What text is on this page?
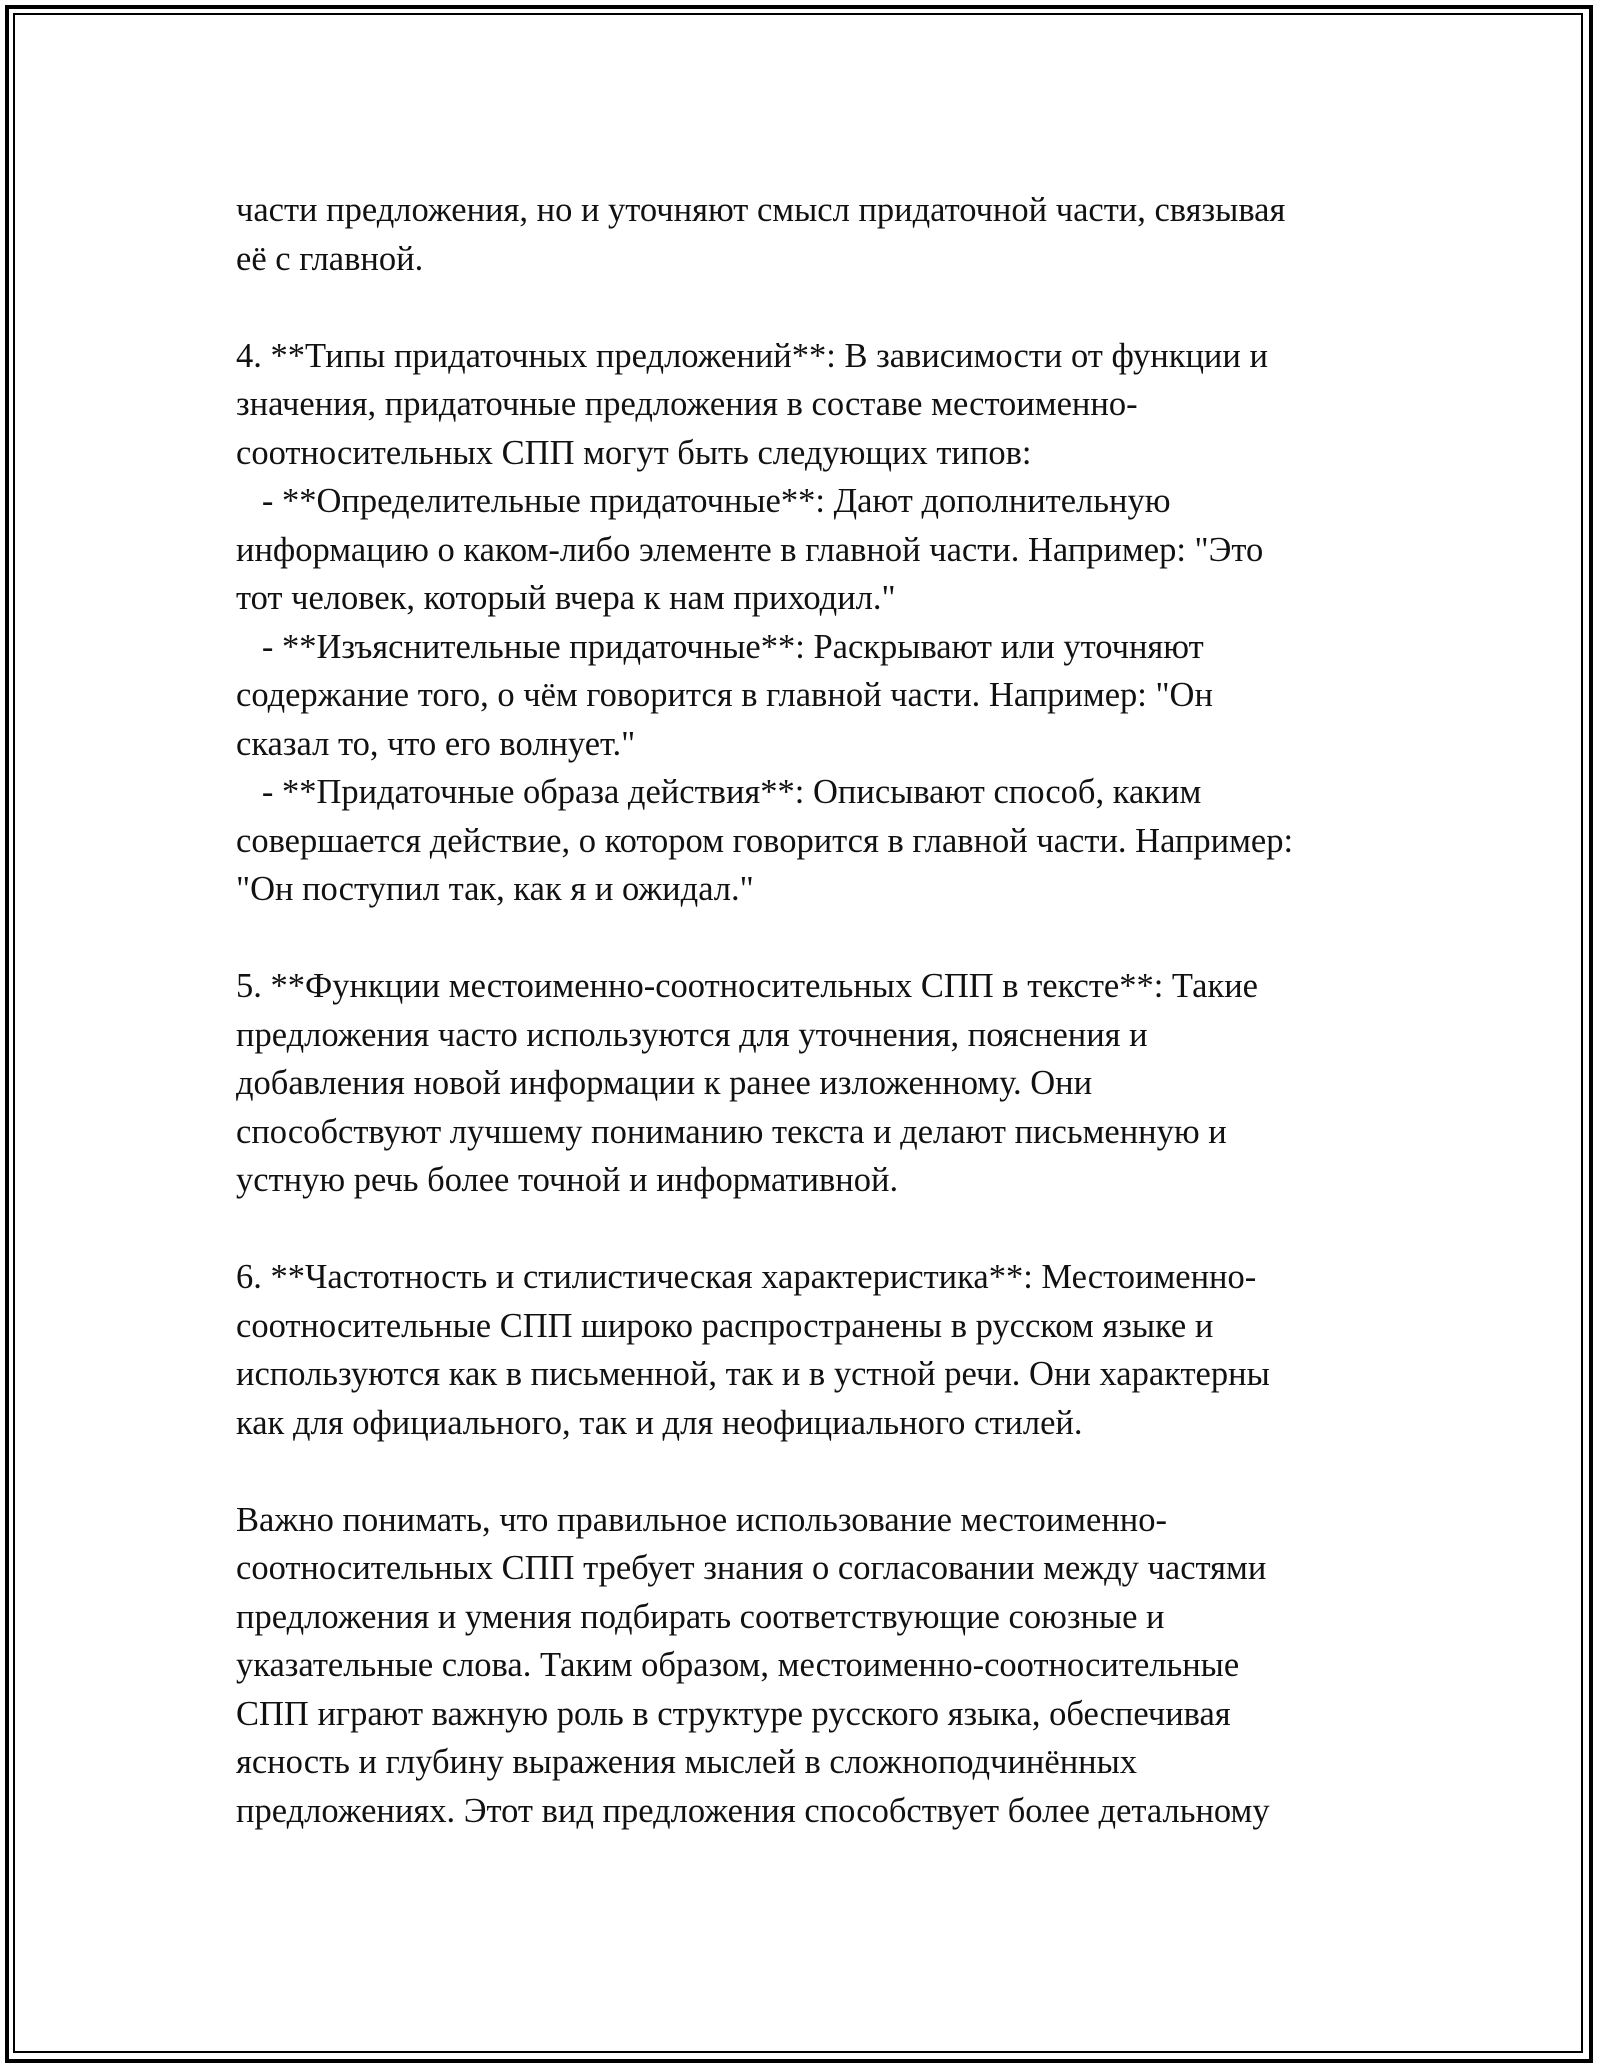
части предложения, но и уточняют смысл придаточной части, связывая
её с главной.
4. **Типы придаточных предложений**: В зависимости от функции и
значения, придаточные предложения в составе местоименно-
соотносительных СПП могут быть следующих типов:
- **Определительные придаточные**: Дают дополнительную
информацию о каком-либо элементе в главной части. Например: "Это
тот человек, который вчера к нам приходил."
- **Изъяснительные придаточные**: Раскрывают или уточняют
содержание того, о чём говорится в главной части. Например: "Он
сказал то, что его волнует."
- **Придаточные образа действия**: Описывают способ, каким
совершается действие, о котором говорится в главной части. Например:
"Он поступил так, как я и ожидал."
5. **Функции местоименно-соотносительных СПП в тексте**: Такие
предложения часто используются для уточнения, пояснения и
добавления новой информации к ранее изложенному. Они
способствуют лучшему пониманию текста и делают письменную и
устную речь более точной и информативной.
6. **Частотность и стилистическая характеристика**: Местоименно-
соотносительные СПП широко распространены в русском языке и
используются как в письменной, так и в устной речи. Они характерны
как для официального, так и для неофициального стилей.
Важно понимать, что правильное использование местоименно-
соотносительных СПП требует знания о согласовании между частями
предложения и умения подбирать соответствующие союзные и
указательные слова. Таким образом, местоименно-соотносительные
СПП играют важную роль в структуре русского языка, обеспечивая
ясность и глубину выражения мыслей в сложноподчинённых
предложениях. Этот вид предложения способствует более детальному
